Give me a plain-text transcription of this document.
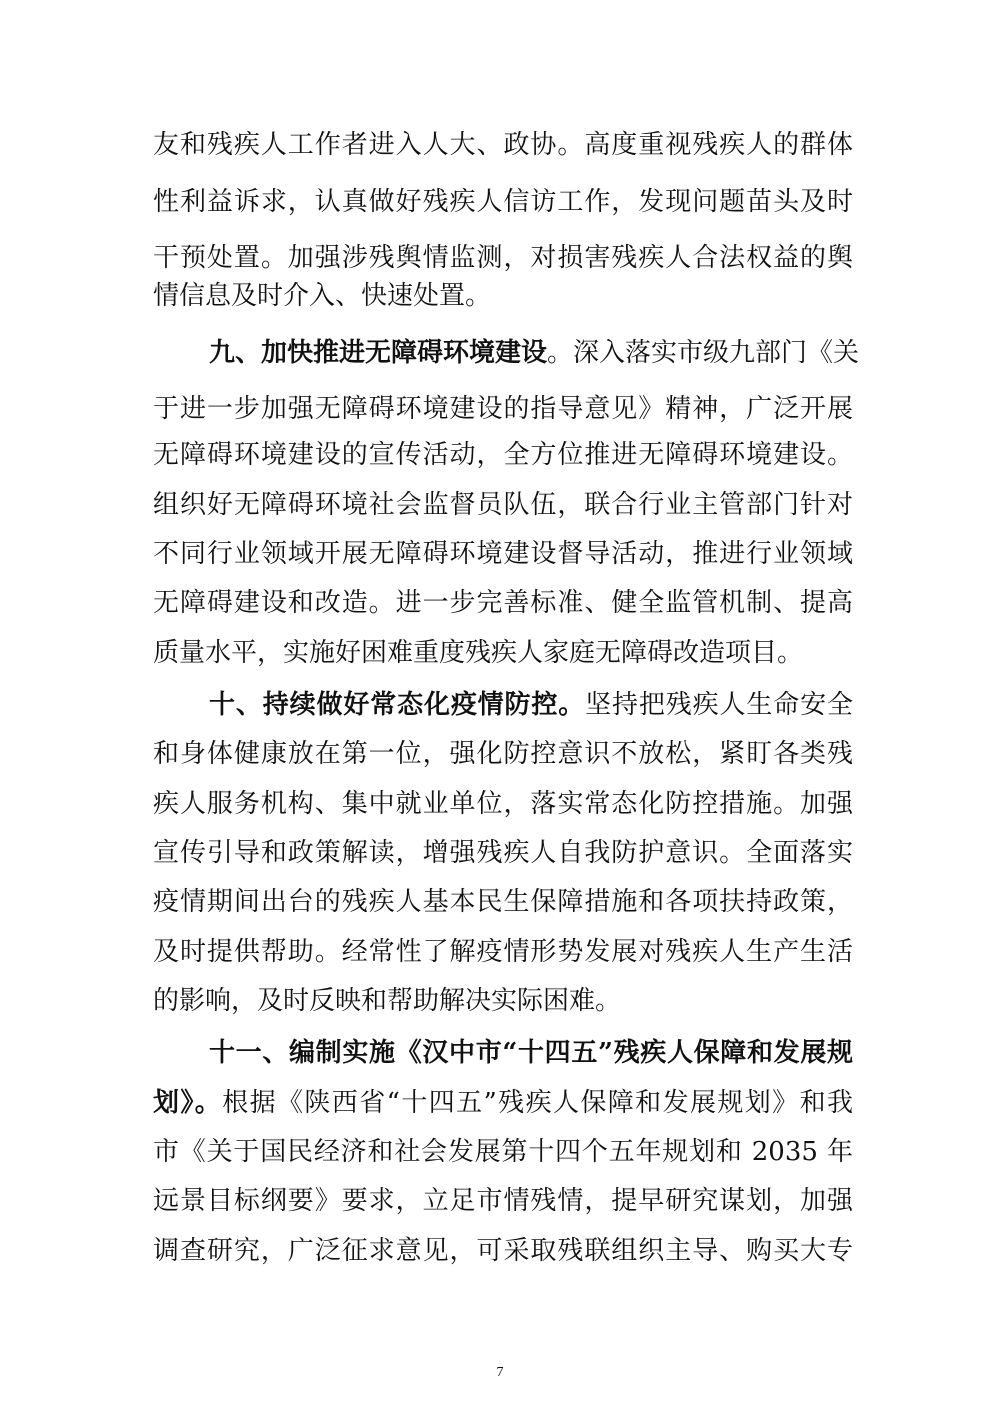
友和残疾人工作者进入人大、政协。高度重视残疾人的群体
性利益诉求，认真做好残疾人信访工作，发现问题苗头及时
干预处置。加强涉残舆情监测，对损害残疾人合法权益的舆
情信息及时介入、快速处置。
九、加快推进无障碍环境建设。深入落实市级九部门《关
于进一步加强无障碍环境建设的指导意见》精神，广泛开展
无障碍环境建设的宣传活动，全方位推进无障碍环境建设。
组织好无障碍环境社会监督员队伍，联合行业主管部门针对
不同行业领域开展无障碍环境建设督导活动，推进行业领域
无障碍建设和改造。进一步完善标准、健全监管机制、提高
质量水平，实施好困难重度残疾人家庭无障碍改造项目。
十、持续做好常态化疫情防控。坚持把残疾人生命安全
和身体健康放在第一位，强化防控意识不放松，紧盯各类残
疾人服务机构、集中就业单位，落实常态化防控措施。加强
宣传引导和政策解读，增强残疾人自我防护意识。全面落实
疫情期间出台的残疾人基本民生保障措施和各项扶持政策，
及时提供帮助。经常性了解疫情形势发展对残疾人生产生活
的影响，及时反映和帮助解决实际困难。
十一、编制实施《汉中市“十四五”残疾人保障和发展规
划》。根据《陕西省“十四五”残疾人保障和发展规划》和我
市《关于国民经济和社会发展第十四个五年规划和 2035 年
远景目标纲要》要求，立足市情残情，提早研究谋划，加强
调查研究，广泛征求意见，可采取残联组织主导、购买大专
7
